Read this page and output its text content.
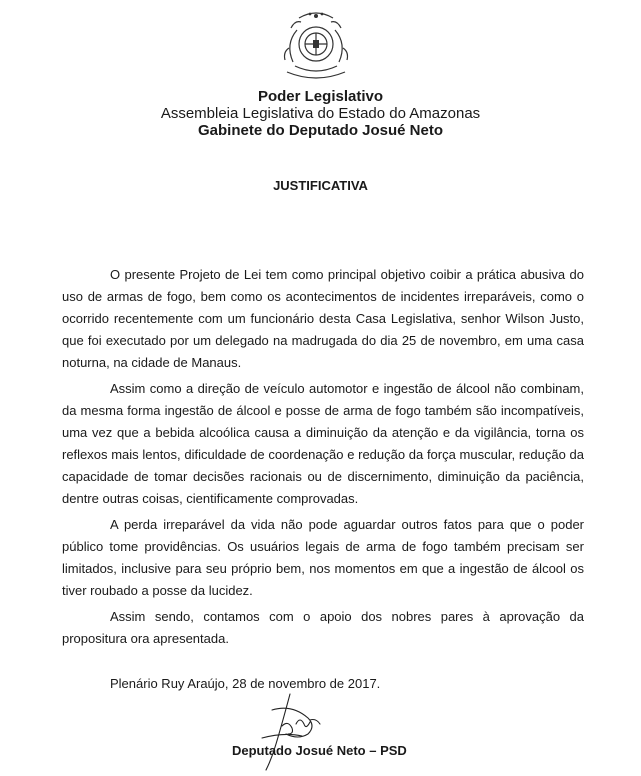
Poder Legislativo
Assembleia Legislativa do Estado do Amazonas
Gabinete do Deputado Josué Neto
JUSTIFICATIVA

O presente Projeto de Lei tem como principal objetivo coibir a prática abusiva do uso de armas de fogo, bem como os acontecimentos de incidentes irreparáveis, como o ocorrido recentemente com um funcionário desta Casa Legislativa, senhor Wilson Justo, que foi executado por um delegado na madrugada do dia 25 de novembro, em uma casa noturna, na cidade de Manaus.

Assim como a direção de veículo automotor e ingestão de álcool não combinam, da mesma forma ingestão de álcool e posse de arma de fogo também são incompatíveis, uma vez que a bebida alcoólica causa a diminuição da atenção e da vigilância, torna os reflexos mais lentos, dificuldade de coordenação e redução da força muscular, redução da capacidade de tomar decisões racionais ou de discernimento, diminuição da paciência, dentre outras coisas, cientificamente comprovadas.

A perda irreparável da vida não pode aguardar outros fatos para que o poder público tome providências. Os usuários legais de arma de fogo também precisam ser limitados, inclusive para seu próprio bem, nos momentos em que a ingestão de álcool os tiver roubado a posse da lucidez.

Assim sendo, contamos com o apoio dos nobres pares à aprovação da propositura ora apresentada.

Plenário Ruy Araújo, 28 de novembro de 2017.
Deputado Josué Neto – PSD
